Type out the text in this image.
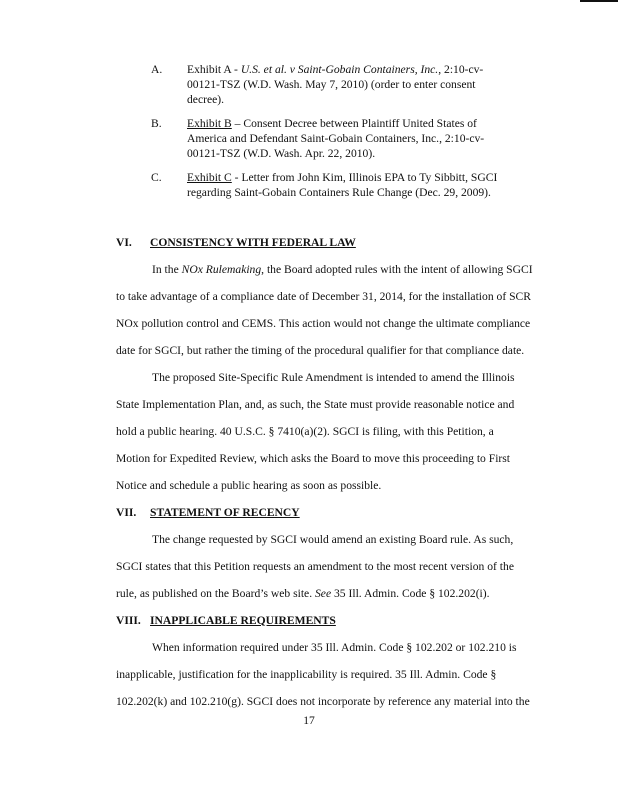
A. Exhibit A - U.S. et al. v Saint-Gobain Containers, Inc., 2:10-cv-
00121-TSZ (W.D. Wash. May 7, 2010) (order to enter consent
decree).
B. Exhibit B – Consent Decree between Plaintiff United States of
America and Defendant Saint-Gobain Containers, Inc., 2:10-cv-
00121-TSZ (W.D. Wash. Apr. 22, 2010).
C. Exhibit C - Letter from John Kim, Illinois EPA to Ty Sibbitt, SGCI
regarding Saint-Gobain Containers Rule Change (Dec. 29, 2009).
VI. CONSISTENCY WITH FEDERAL LAW
In the NOx Rulemaking, the Board adopted rules with the intent of allowing SGCI
to take advantage of a compliance date of December 31, 2014, for the installation of SCR
NOx pollution control and CEMS. This action would not change the ultimate compliance
date for SGCI, but rather the timing of the procedural qualifier for that compliance date.
The proposed Site-Specific Rule Amendment is intended to amend the Illinois
State Implementation Plan, and, as such, the State must provide reasonable notice and
hold a public hearing. 40 U.S.C. § 7410(a)(2). SGCI is filing, with this Petition, a
Motion for Expedited Review, which asks the Board to move this proceeding to First
Notice and schedule a public hearing as soon as possible.
VII. STATEMENT OF RECENCY
The change requested by SGCI would amend an existing Board rule. As such,
SGCI states that this Petition requests an amendment to the most recent version of the
rule, as published on the Board’s web site. See 35 Ill. Admin. Code § 102.202(i).
VIII. INAPPLICABLE REQUIREMENTS
When information required under 35 Ill. Admin. Code § 102.202 or 102.210 is
inapplicable, justification for the inapplicability is required. 35 Ill. Admin. Code §
102.202(k) and 102.210(g). SGCI does not incorporate by reference any material into the
17
